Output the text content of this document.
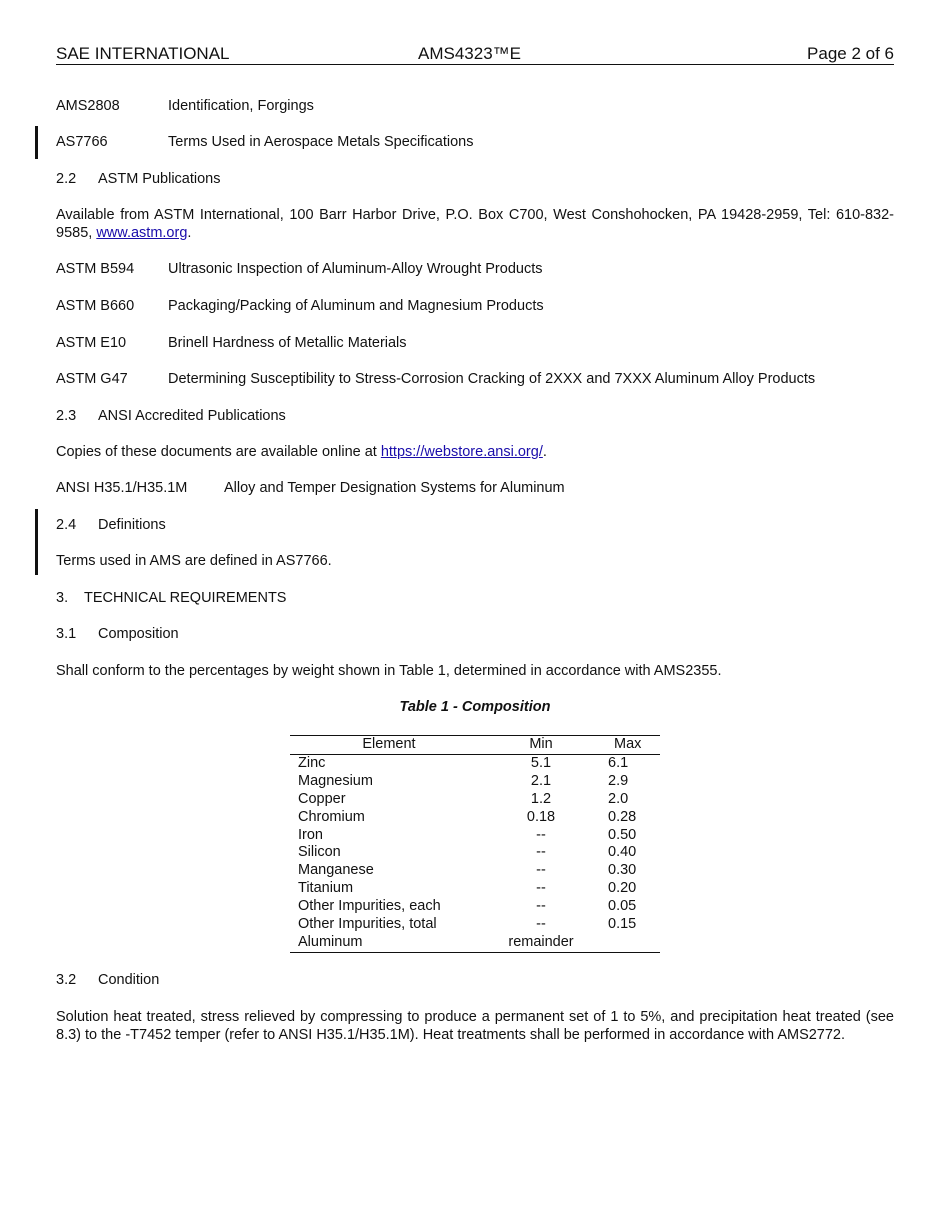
SAE INTERNATIONAL	AMS4323™E	Page 2 of 6
AMS2808	Identification, Forgings
AS7766	Terms Used in Aerospace Metals Specifications
2.2 ASTM Publications
Available from ASTM International, 100 Barr Harbor Drive, P.O. Box C700, West Conshohocken, PA 19428-2959, Tel: 610-832-9585, www.astm.org.
ASTM B594 Ultrasonic Inspection of Aluminum-Alloy Wrought Products
ASTM B660 Packaging/Packing of Aluminum and Magnesium Products
ASTM E10	Brinell Hardness of Metallic Materials
ASTM G47	Determining Susceptibility to Stress-Corrosion Cracking of 2XXX and 7XXX Aluminum Alloy Products
2.3 ANSI Accredited Publications
Copies of these documents are available online at https://webstore.ansi.org/.
ANSI H35.1/H35.1M	Alloy and Temper Designation Systems for Aluminum
2.4 Definitions
Terms used in AMS are defined in AS7766.
3. TECHNICAL REQUIREMENTS
3.1 Composition
Shall conform to the percentages by weight shown in Table 1, determined in accordance with AMS2355.
Table 1 - Composition
Element	Min	Max
Zinc	5.1	6.1
Magnesium	2.1	2.9
Copper	1.2	2.0
Chromium	0.18	0.28
Iron	--	0.50
Silicon	--	0.40
Manganese	--	0.30
Titanium	--	0.20
Other Impurities, each	--	0.05
Other Impurities, total	--	0.15
Aluminum	remainder	
3.2 Condition
Solution heat treated, stress relieved by compressing to produce a permanent set of 1 to 5%, and precipitation heat treated (see 8.3) to the -T7452 temper (refer to ANSI H35.1/H35.1M). Heat treatments shall be performed in accordance with AMS2772.
